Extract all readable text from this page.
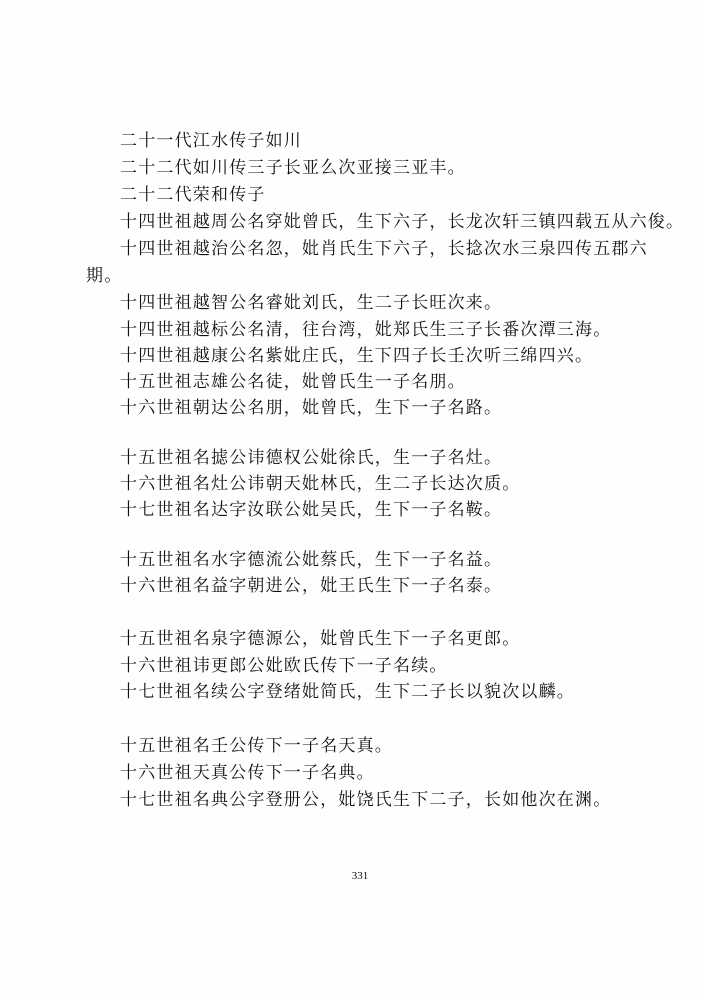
二十一代江水传子如川
二十二代如川传三子长亚么次亚接三亚丰。
二十二代荣和传子
十四世祖越周公名穿妣曾氏，生下六子，长龙次轩三镇四载五从六俊。
十四世祖越治公名忽，妣肖氏生下六子，长捻次水三泉四传五郡六
期。
十四世祖越智公名睿妣刘氏，生二子长旺次来。
十四世祖越标公名清，往台湾，妣郑氏生三子长番次潭三海。
十四世祖越康公名紫妣庄氏，生下四子长壬次听三绵四兴。
十五世祖志雄公名徒，妣曾氏生一子名朋。
十六世祖朝达公名朋，妣曾氏，生下一子名路。
十五世祖名摅公讳德权公妣徐氏，生一子名灶。
十六世祖名灶公讳朝天妣林氏，生二子长达次质。
十七世祖名达字汝联公妣吴氏，生下一子名鞍。
十五世祖名水字德流公妣蔡氏，生下一子名益。
十六世祖名益字朝进公，妣王氏生下一子名泰。
十五世祖名泉字德源公，妣曾氏生下一子名更郎。
十六世祖讳更郎公妣欧氏传下一子名续。
十七世祖名续公字登绪妣简氏，生下二子长以貌次以麟。
十五世祖名壬公传下一子名天真。
十六世祖天真公传下一子名典。
十七世祖名典公字登册公，妣饶氏生下二子，长如他次在渊。
331
